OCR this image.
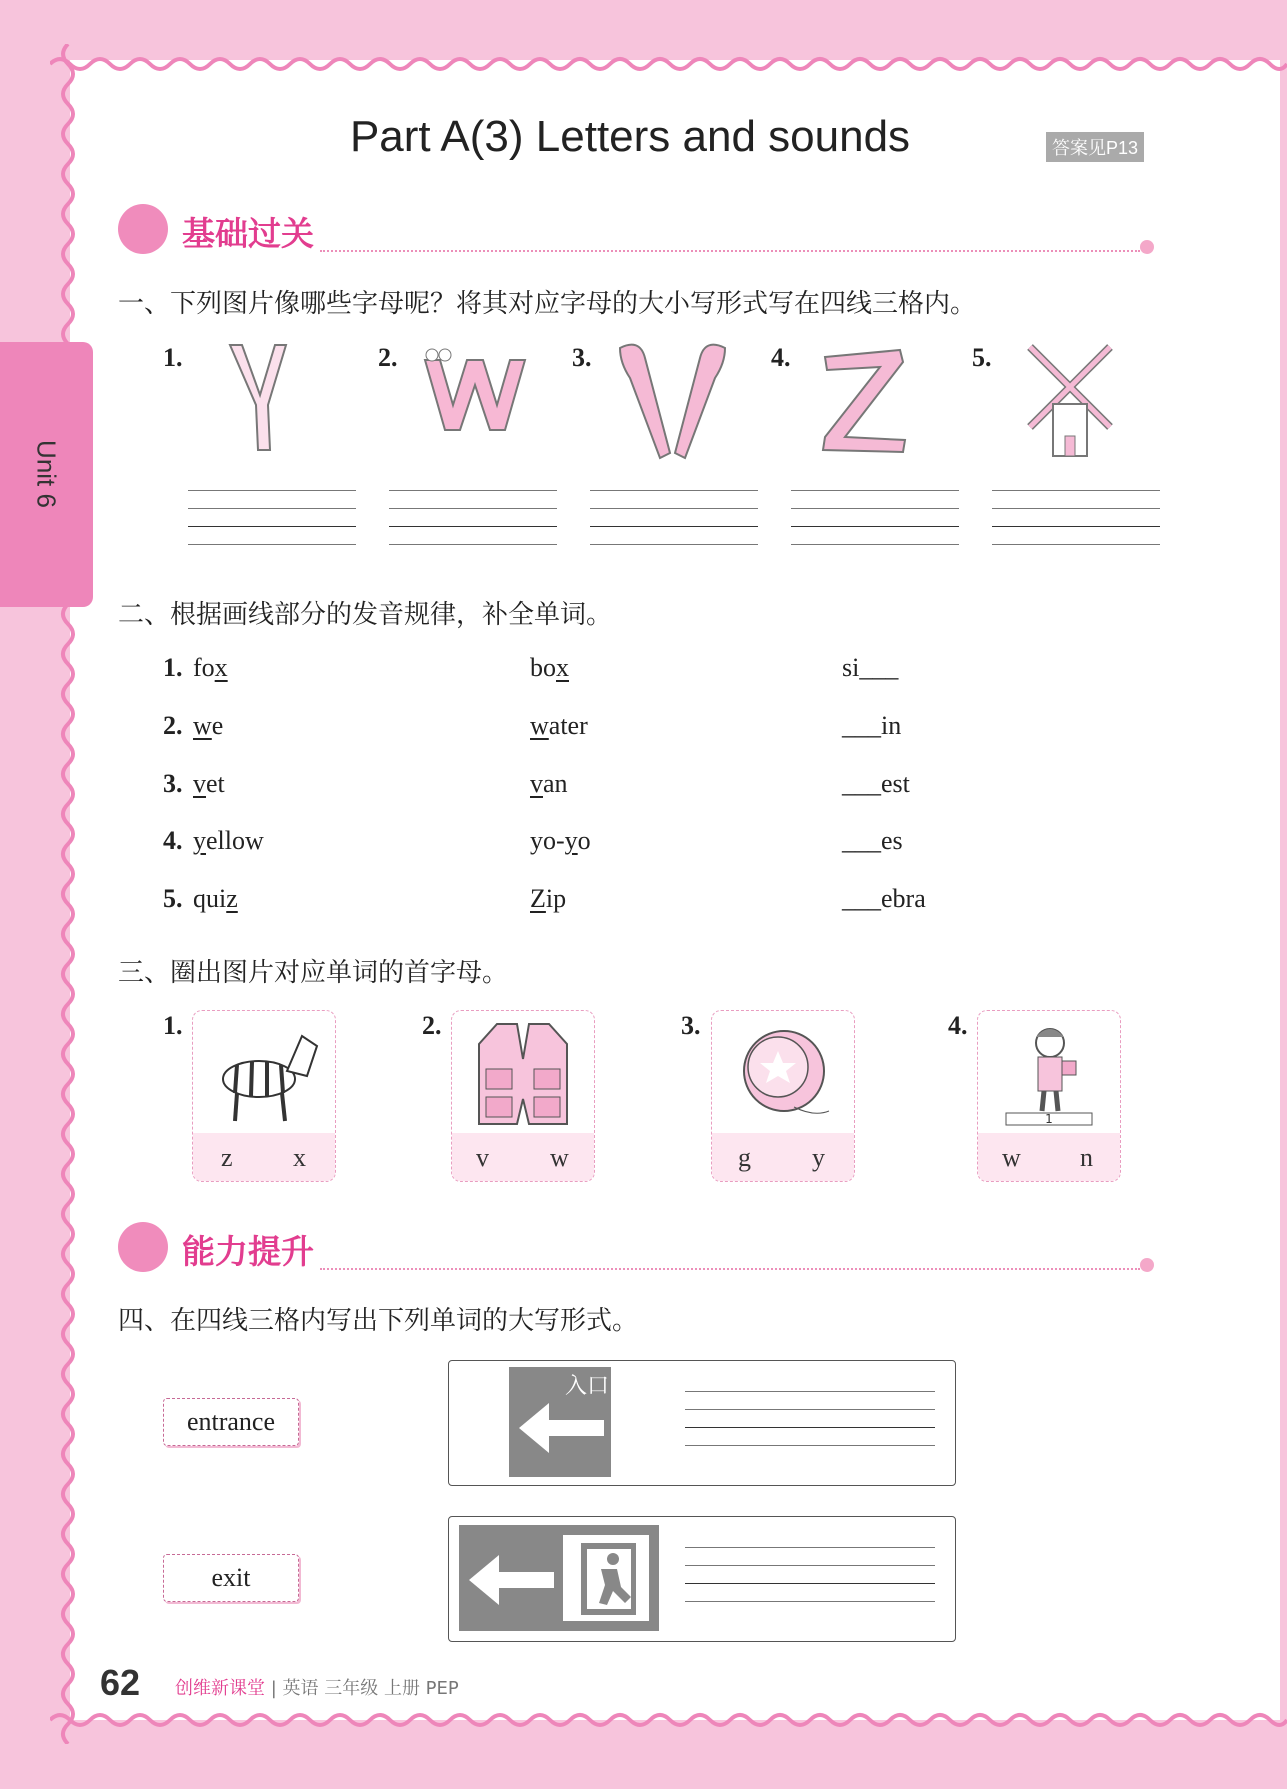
Unit 6
Part A(3) Letters and sounds	答案见P13
基础过关
一、下列图片像哪些字母呢？将其对应字母的大小写形式写在四线三格内。
1.	2.	3.	4.	5.
二、根据画线部分的发音规律，补全单词。
1. fox	box	si___
2. we	water	___in
3. vet	van	___est
4. yellow	yo-yo	___es
5. quiz	Zip	___ebra
三、圈出图片对应单词的首字母。
1.
z x
2.
v w
3.
g y
4.
1
w n
能力提升
四、在四线三格内写出下列单词的大写形式。
entrance
入口
exit
62 创维新课堂 | 英语 三年级 上册 PEP
